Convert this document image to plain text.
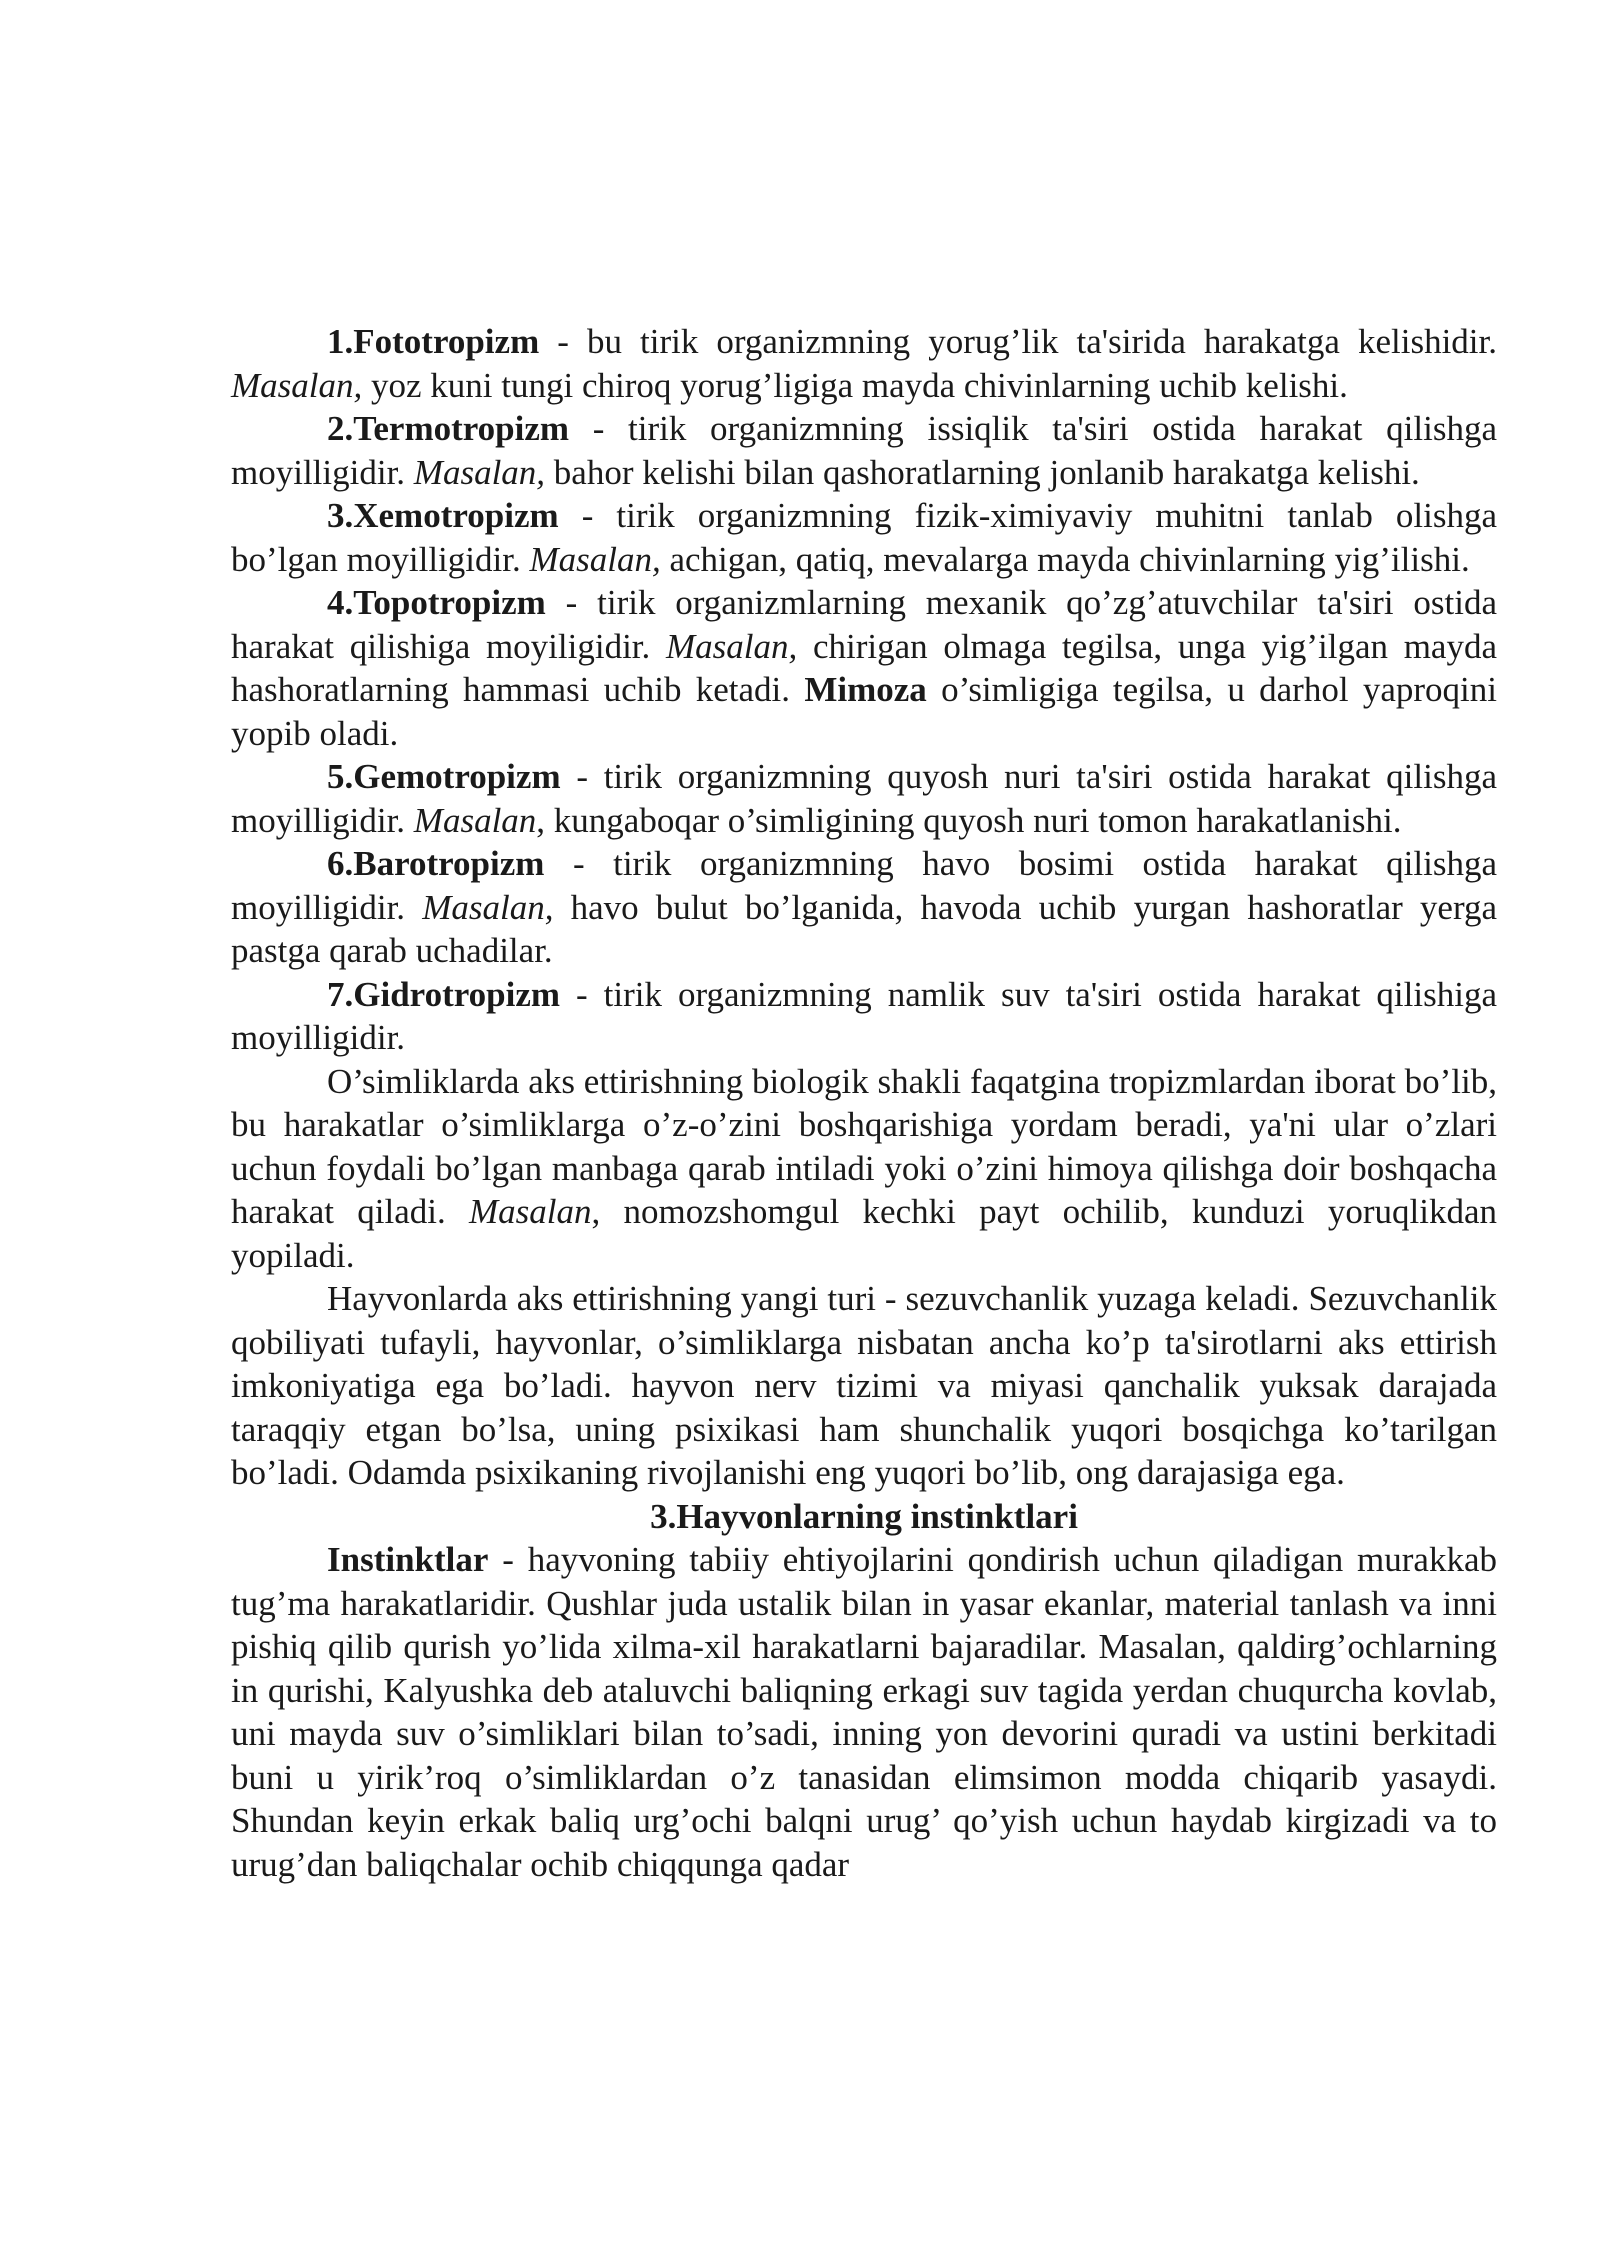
1.Fototropizm - bu tirik organizmning yorug’lik ta'sirida harakatga kelishidir. Masalan, yoz kuni tungi chiroq yorug’ligiga mayda chivinlarning uchib kelishi.

2.Termotropizm - tirik organizmning issiqlik ta'siri ostida harakat qilishga moyilligidir. Masalan, bahor kelishi bilan qashoratlarning jonlanib harakatga kelishi.

3.Xemotropizm - tirik organizmning fizik-ximiyaviy muhitni tanlab olishga bo’lgan moyilligidir. Masalan, achigan, qatiq, mevalarga mayda chivinlarning yig’ilishi.

4.Topotropizm - tirik organizmlarning mexanik qo’zg’atuvchilar ta'siri ostida harakat qilishiga moyiligidir. Masalan, chirigan olmaga tegilsa, unga yig’ilgan mayda hashoratlarning hammasi uchib ketadi. Mimoza o’simligiga tegilsa, u darhol yaproqini yopib oladi.

5.Gemotropizm - tirik organizmning quyosh nuri ta'siri ostida harakat qilishga moyilligidir. Masalan, kungaboqar o’simligining quyosh nuri tomon harakatlanishi.

6.Barotropizm - tirik organizmning havo bosimi ostida harakat qilishga moyilligidir. Masalan, havo bulut bo’lganida, havoda uchib yurgan hashoratlar yerga pastga qarab uchadilar.

7.Gidrotropizm - tirik organizmning namlik suv ta'siri ostida harakat qilishiga moyilligidir.

O’simliklarda aks ettirishning biologik shakli faqatgina tropizmlardan iborat bo’lib, bu harakatlar o’simliklarga o’z-o’zini boshqarishiga yordam beradi, ya'ni ular o’zlari uchun foydali bo’lgan manbaga qarab intiladi yoki o’zini himoya qilishga doir boshqacha harakat qiladi. Masalan, nomozshomgul kechki payt ochilib, kunduzi yoruqlikdan yopiladi.

Hayvonlarda aks ettirishning yangi turi - sezuvchanlik yuzaga keladi. Sezuvchanlik qobiliyati tufayli, hayvonlar, o’simliklarga nisbatan ancha ko’p ta'sirotlarni aks ettirish imkoniyatiga ega bo’ladi. hayvon nerv tizimi va miyasi qanchalik yuksak darajada taraqqiy etgan bo’lsa, uning psixikasi ham shunchalik yuqori bosqichga ko’tarilgan bo’ladi. Odamda psixikaning rivojlanishi eng yuqori bo’lib, ong darajasiga ega.

3.Hayvonlarning instinktlari

Instinktlar - hayvoning tabiiy ehtiyojlarini qondirish uchun qiladigan murakkab tug’ma harakatlaridir. Qushlar juda ustalik bilan in yasar ekanlar, material tanlash va inni pishiq qilib qurish yo’lida xilma-xil harakatlarni bajaradilar. Masalan, qaldirg’ochlarning in qurishi, Kalyushka deb ataluvchi baliqning erkagi suv tagida yerdan chuqurcha kovlab, uni mayda suv o’simliklari bilan to’sadi, inning yon devorini quradi va ustini berkitadi buni u yirik’roq o’simliklardan o’z tanasidan elimsimon modda chiqarib yasaydi. Shundan keyin erkak baliq urg’ochi balqni urug’ qo’yish uchun haydab kirgizadi va to urug’dan baliqchalar ochib chiqqunga qadar
